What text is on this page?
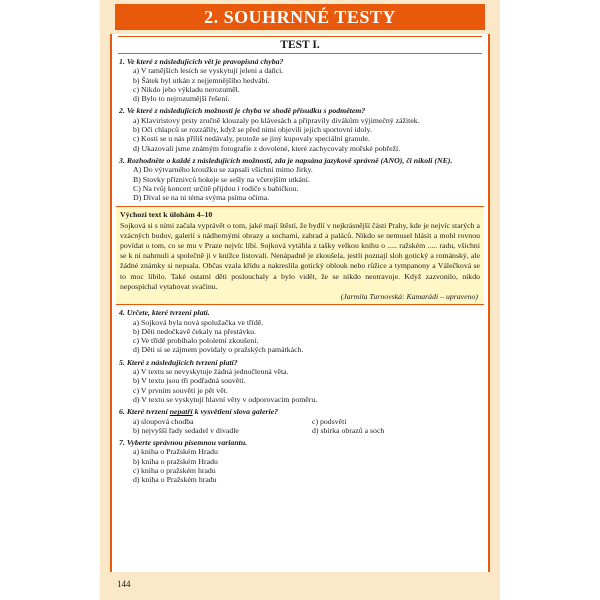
2. SOUHRNNÉ TESTY
TEST I.
1. Ve které z následujících vět je pravopisná chyba?
a) V tamějších lesích se vyskytují jeleni a daňci.
b) Šátek byl utkán z nejjemnějšího hedvábí.
c) Nikdo jeho výkladu nerozuměl.
d) Bylo to nejrozumější řešení.
2. Ve které z následujících možností je chyba ve shodě přísudku s podmětem?
a) Klaviristovy prsty zručně klouzaly po klávesách a připravily divákům výjimečný zážitek.
b) Oči chlapců se rozzářily, když se před nimi objevili jejich sportovní idoly.
c) Kosti se u nás příliš nedávaly, protože se jiný kupovaly speciální granule.
d) Ukazovali jsme známým fotografie z dovolené, které zachycovaly mořské pobřeží.
3. Rozhodněte o každé z následujících možností, zda je napsána jazykově správně (ANO), či nikoli (NE).
A) Do výtvarného kroužku se zapsali všichni mimo Jirky.
B) Stovky příznivců hokeje se sešly na včerejším utkání.
C) Na tvůj koncert určitě přijdou i rodiče s babičkou.
D) Díval se na ni téma svýma psíma očima.
Výchozí text k úlohám 4–10
Sojková si s ními začala vyprávět o tom, jaké mají štěstí, že bydlí v nejkrásnější části Prahy, kde je nejvíc starých a vzácných budov, galerií s nádhernými obrazy a sochami, zahrad a paláců. Nikdo se nemusel hlásit a mohl rovnou povídat o tom, co se mu v Praze nejvíc líbí. Sojková vytáhla z tašky velkou knihu o ..... ražském ..... radu, všichni se k ní nahrnuli a společně ji v knížce listovali. Nenápadně je zkoušela, jestli poznají sloh gotický a románský, ale žádné známky si nepsala. Občas vzala křídu a nakreslila gotický oblouk nebo růžice a tympanony a Válečková se to moc líbilo. Také ostatní děti poslouchaly a bylo vidět, že se nikdo neotravuje. Když zazvonilo, nikdo nepospíchal vytahovat svačinu.
(Jarmila Turnovská: Kamarádi – upraveno)
4. Určete, které tvrzení platí.
a) Sojková byla nová spolužačka ve třídě.
b) Děti nedočkavě čekaly na přestávku.
c) Ve třídě probíhalo pololetní zkoušení.
d) Děti si se zájmem povídaly o pražských památkách.
5. Které z následujících tvrzení platí?
a) V textu se nevyskytuje žádná jednočlenná věta.
b) V textu jsou tři podřadná souvětí.
c) V prvním souvětí je pět vět.
d) V textu se vyskytují hlavní věty v odporovacím poměru.
6. Které tvrzení nepatří k vysvětlení slova galerie?
a) sloupová chodba	c) podsvětí
b) nejvyšší řady sedadel v divadle	d) sbírka obrazů a soch
7. Vyberte správnou písemnou variantu.
a) kniha o Pražském Hradu
b) kniha o pražském Hradu
c) kniha o pražském hradu
d) kniha o Pražském hradu
144
